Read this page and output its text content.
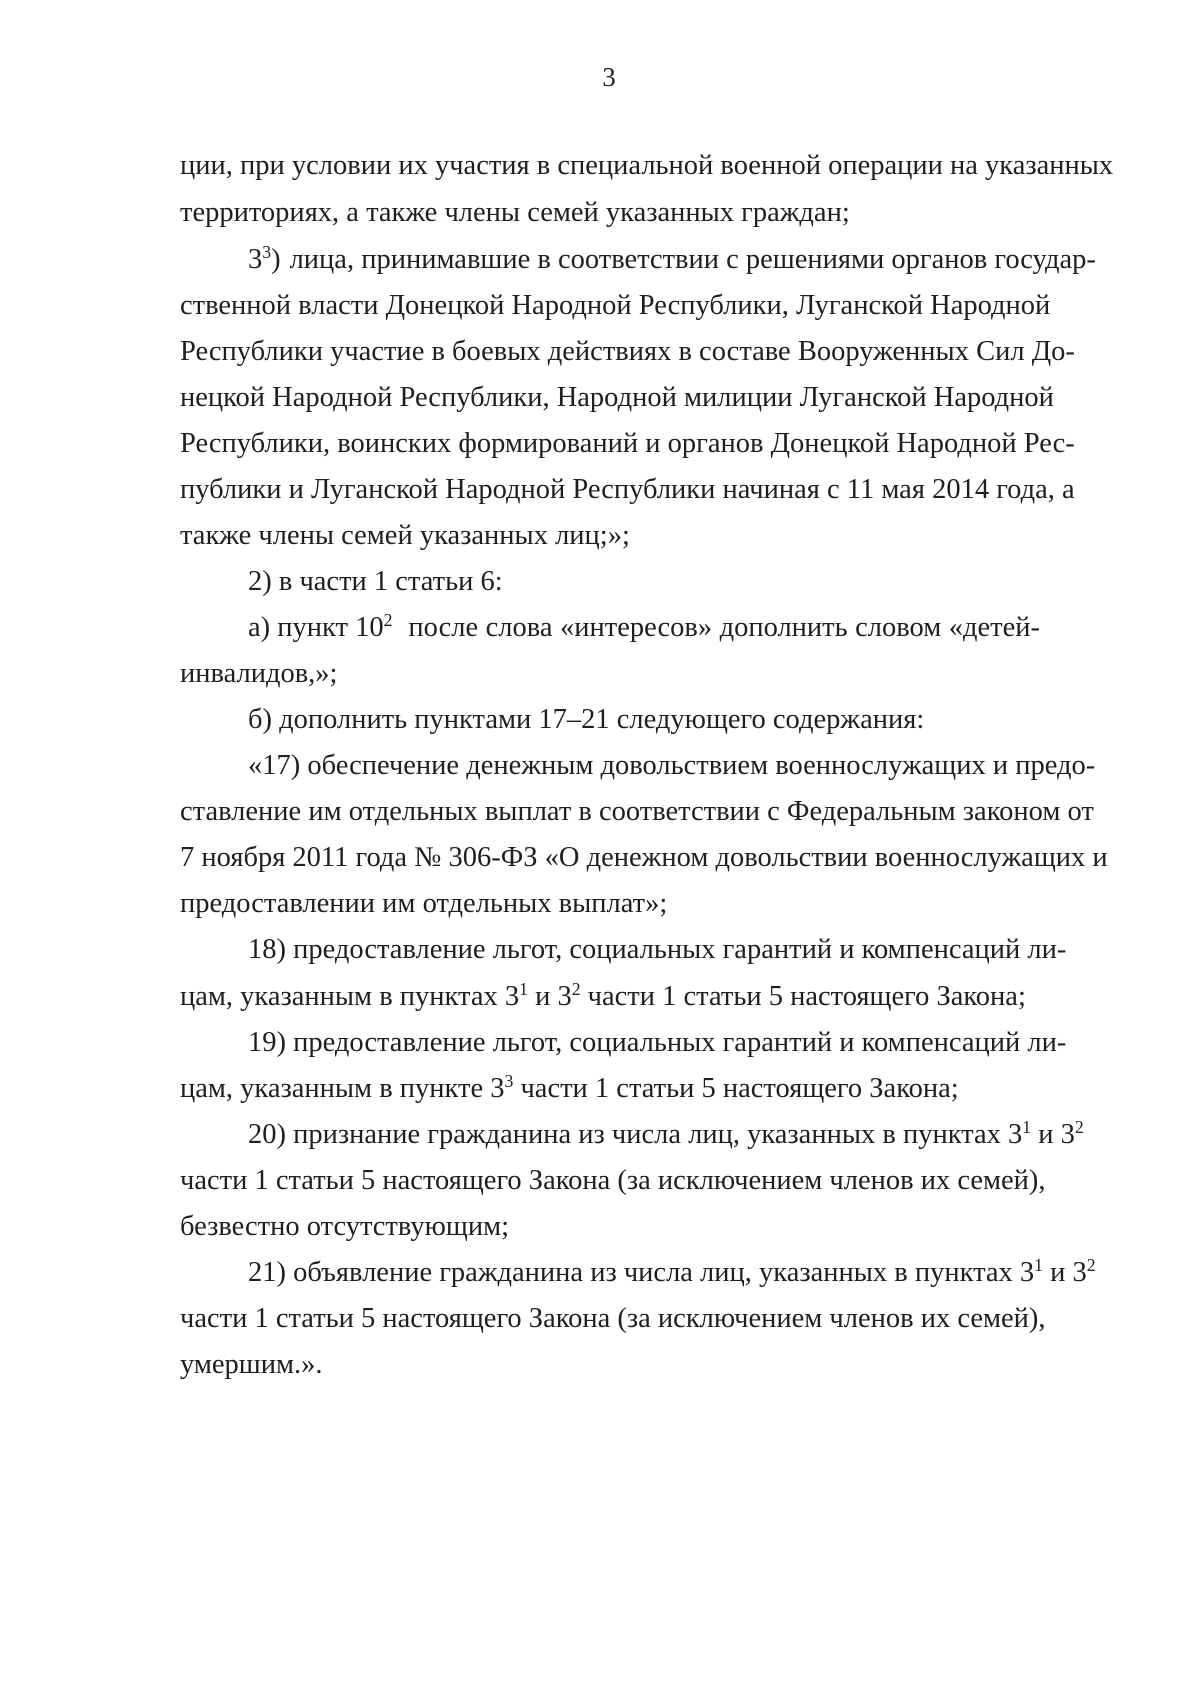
3
ции, при условии их участия в специальной военной операции на указанных
территориях, а также члены семей указанных граждан;
$3^3$) лица, принимавшие в соответствии с решениями органов государ-
ственной власти Донецкой Народной Республики, Луганской Народной
Республики участие в боевых действиях в составе Вооруженных Сил До-
нецкой Народной Республики, Народной милиции Луганской Народной
Республики, воинских формирований и органов Донецкой Народной Рес-
публики и Луганской Народной Республики начиная с 11 мая 2014 года, а
также члены семей указанных лиц;»;
2) в части 1 статьи 6:
а) пункт $10^2$ после слова «интересов» дополнить словом «детей-
инвалидов,»;
б) дополнить пунктами 17–21 следующего содержания:
«17) обеспечение денежным довольствием военнослужащих и предо-
ставление им отдельных выплат в соответствии с Федеральным законом от
7 ноября 2011 года № 306-ФЗ «О денежном довольствии военнослужащих и
предоставлении им отдельных выплат»;
18) предоставление льгот, социальных гарантий и компенсаций ли-
цам, указанным в пунктах $3^1$ и $3^2$ части 1 статьи 5 настоящего Закона;
19) предоставление льгот, социальных гарантий и компенсаций ли-
цам, указанным в пункте $3^3$ части 1 статьи 5 настоящего Закона;
20) признание гражданина из числа лиц, указанных в пунктах $3^1$ и $3^2$
части 1 статьи 5 настоящего Закона (за исключением членов их семей),
безвестно отсутствующим;
21) объявление гражданина из числа лиц, указанных в пунктах $3^1$ и $3^2$
части 1 статьи 5 настоящего Закона (за исключением членов их семей),
умершим.».
